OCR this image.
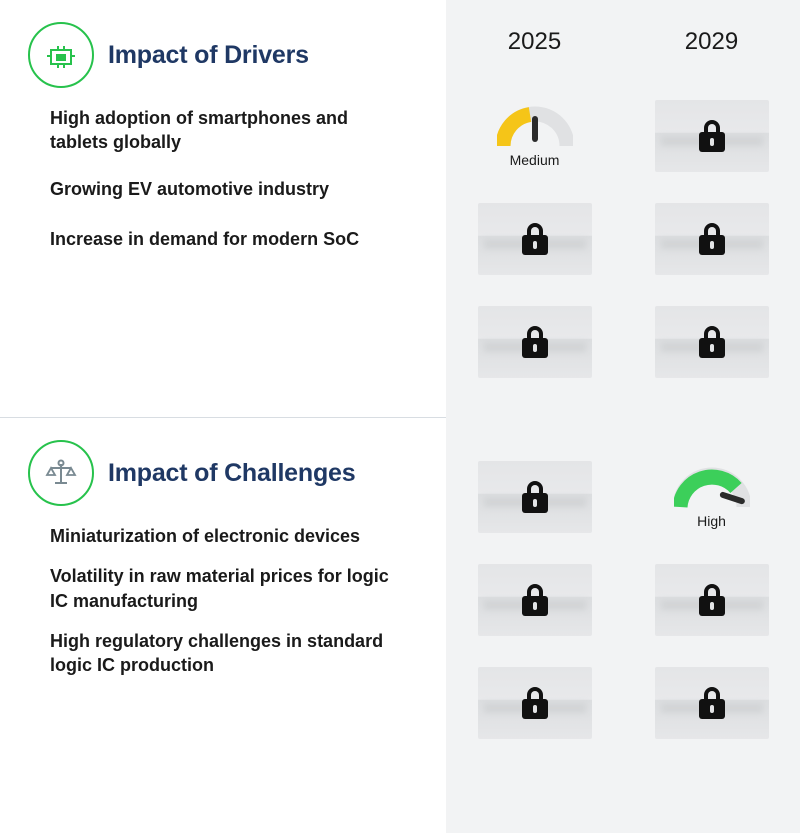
Impact of Drivers
High adoption of smartphones and tablets globally
Growing EV automotive industry
Increase in demand for modern SoC
Impact of Challenges
Miniaturization of electronic devices
Volatility in raw material prices for logic IC manufacturing
High regulatory challenges in standard logic IC production
2025	2029
Medium
High
